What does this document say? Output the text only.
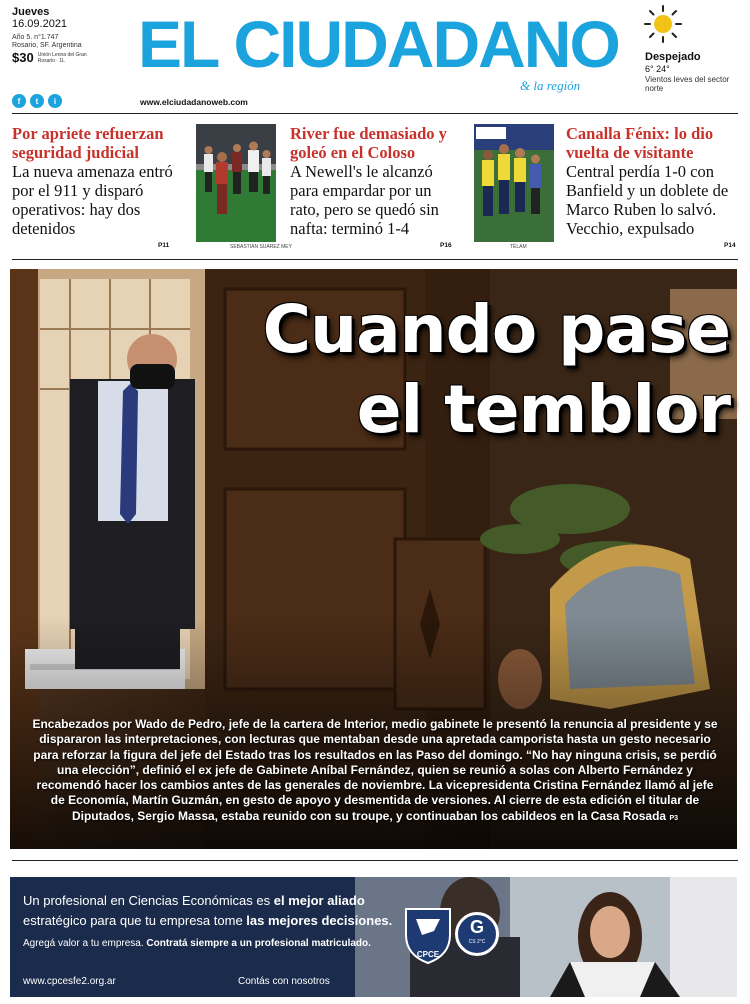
Jueves
16.09.2021
Año 5. n°1.747
Rosario, SF. Argentina
$30 Unión Leona del Gran Rosario · 1L	EL CIUDADANO
& la región
Despejado
6° 24°
Vientos leves del sector norte
f	t	i	www.elciudadanoweb.com
Por apriete refuerzan seguridad judicial
La nueva amenaza entró por el 911 y disparó operativos: hay dos detenidos
P11	SEBASTIÁN SUÁREZ MEY
River fue demasiado y goleó en el Coloso
A Newell's le alcanzó para empardar por un rato, pero se quedó sin nafta: terminó 1-4
P16	TÉLAM
Canalla Fénix: lo dio vuelta de visitante
Central perdía 1-0 con Banfield y un doblete de Marco Ruben lo salvó. Vecchio, expulsado
P14
Cuando pase
el temblor
Encabezados por Wado de Pedro, jefe de la cartera de Interior, medio gabinete le presentó la renuncia al presidente y se dispararon las interpretaciones, con lecturas que mentaban desde una apretada camporista hasta un gesto necesario para reforzar la figura del jefe del Estado tras los resultados en las Paso del domingo. “No hay ninguna crisis, se perdió una elección”, definió el ex jefe de Gabinete Aníbal Fernández, quien se reunió a solas con Alberto Fernández y recomendó hacer los cambios antes de las generales de noviembre. La vicepresidenta Cristina Fernández llamó al jefe de Economía, Martín Guzmán, en gesto de apoyo y desmentida de versiones. Al cierre de esta edición el titular de Diputados, Sergio Massa, estaba reunido con su troupe, y continuaban los cabildeos en la Casa Rosada P3
Un profesional en Ciencias Económicas es el mejor aliado
estratégico para que tu empresa tome las mejores decisiones.
Agregá valor a tu empresa. Contratá siempre a un profesional matriculado.
www.cpcesfe2.org.ar	Contás con nosotros
CPCE
G
CS 2°C
